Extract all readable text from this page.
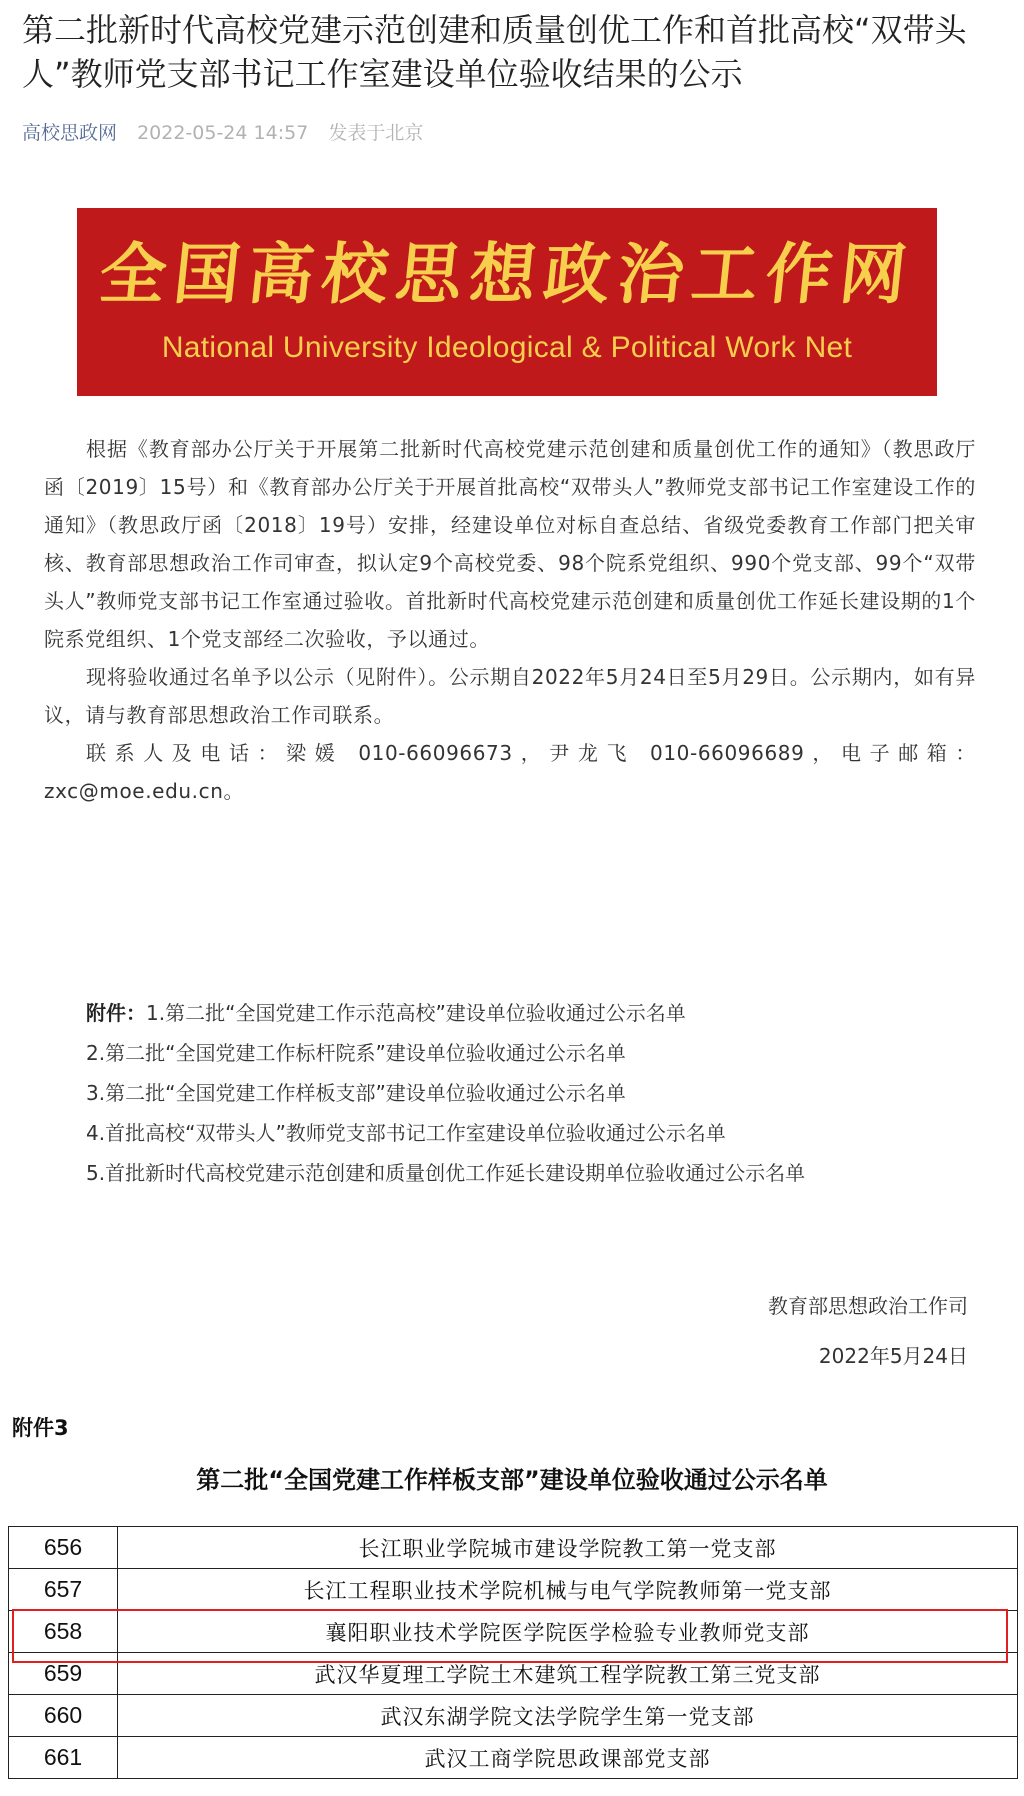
第二批新时代高校党建示范创建和质量创优工作和首批高校“双带头人”教师党支部书记工作室建设单位验收结果的公示
高校思政网 2022-05-24 14:57 发表于北京
全国高校思想政治工作网
National University Ideological & Political Work Net

根据《教育部办公厅关于开展第二批新时代高校党建示范创建和质量创优工作的通知》（教思政厅函〔2019〕15号）和《教育部办公厅关于开展首批高校“双带头人”教师党支部书记工作室建设工作的通知》（教思政厅函〔2018〕19号）安排，经建设单位对标自查总结、省级党委教育工作部门把关审核、教育部思想政治工作司审查，拟认定9个高校党委、98个院系党组织、990个党支部、99个“双带头人”教师党支部书记工作室通过验收。首批新时代高校党建示范创建和质量创优工作延长建设期的1个院系党组织、1个党支部经二次验收，予以通过。

现将验收通过名单予以公示（见附件）。公示期自2022年5月24日至5月29日。公示期内，如有异议，请与教育部思想政治工作司联系。

联系人及电话：梁媛 010-66096673，尹龙飞 010-66096689，电子邮箱：zxc@moe.edu.cn。

附件：1.第二批“全国党建工作示范高校”建设单位验收通过公示名单
2.第二批“全国党建工作标杆院系”建设单位验收通过公示名单
3.第二批“全国党建工作样板支部”建设单位验收通过公示名单
4.首批高校“双带头人”教师党支部书记工作室建设单位验收通过公示名单
5.首批新时代高校党建示范创建和质量创优工作延长建设期单位验收通过公示名单
教育部思想政治工作司
2022年5月24日
附件3
第二批“全国党建工作样板支部”建设单位验收通过公示名单
656	长江职业学院城市建设学院教工第一党支部
657	长江工程职业技术学院机械与电气学院教师第一党支部
658	襄阳职业技术学院医学院医学检验专业教师党支部
659	武汉华夏理工学院土木建筑工程学院教工第三党支部
660	武汉东湖学院文法学院学生第一党支部
661	武汉工商学院思政课部党支部
